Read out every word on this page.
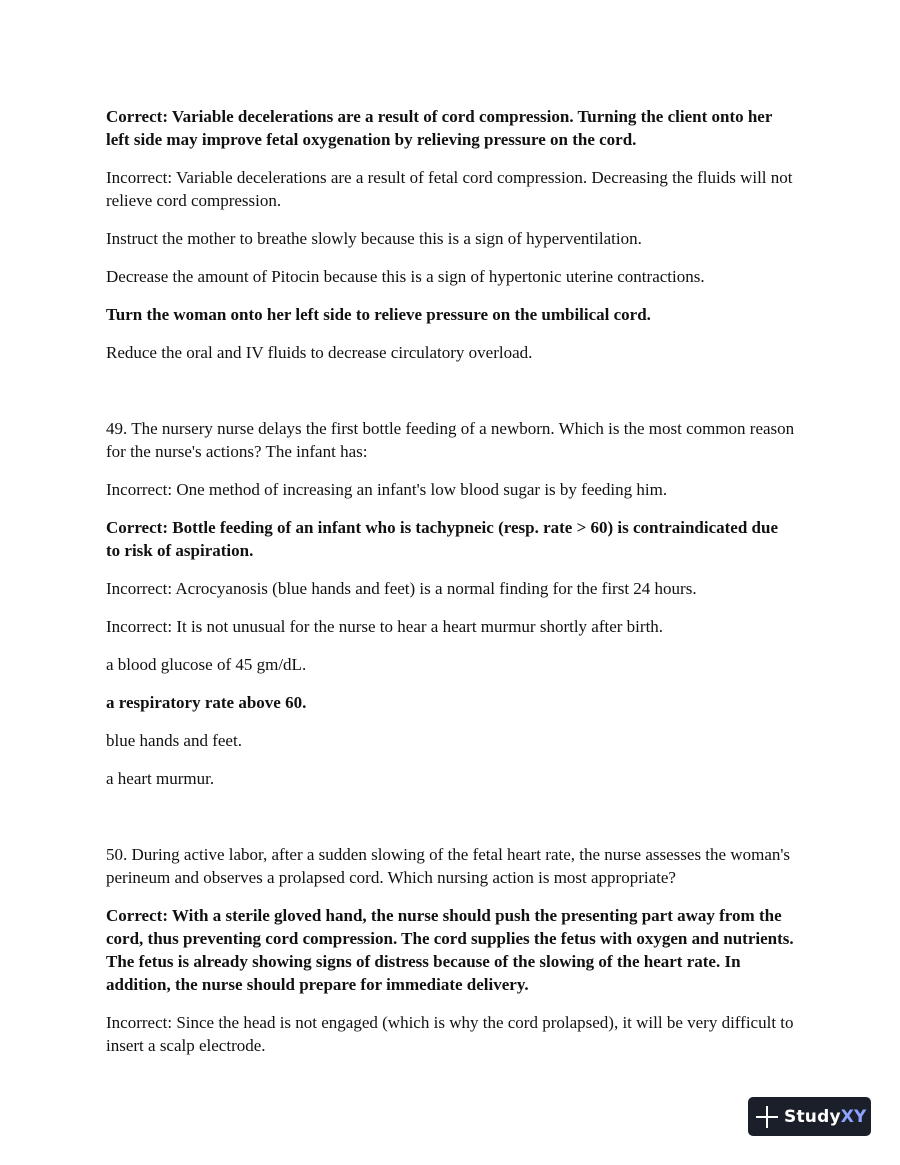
Correct: Variable decelerations are a result of cord compression. Turning the client onto her left side may improve fetal oxygenation by relieving pressure on the cord.

Incorrect: Variable decelerations are a result of fetal cord compression. Decreasing the fluids will not relieve cord compression.

Instruct the mother to breathe slowly because this is a sign of hyperventilation.

Decrease the amount of Pitocin because this is a sign of hypertonic uterine contractions.

Turn the woman onto her left side to relieve pressure on the umbilical cord.

Reduce the oral and IV fluids to decrease circulatory overload.

49. The nursery nurse delays the first bottle feeding of a newborn. Which is the most common reason for the nurse's actions? The infant has:

Incorrect: One method of increasing an infant's low blood sugar is by feeding him.

Correct: Bottle feeding of an infant who is tachypneic (resp. rate > 60) is contraindicated due to risk of aspiration.

Incorrect: Acrocyanosis (blue hands and feet) is a normal finding for the first 24 hours.

Incorrect: It is not unusual for the nurse to hear a heart murmur shortly after birth.

a blood glucose of 45 gm/dL.

a respiratory rate above 60.

blue hands and feet.

a heart murmur.

50. During active labor, after a sudden slowing of the fetal heart rate, the nurse assesses the woman's perineum and observes a prolapsed cord. Which nursing action is most appropriate?

Correct: With a sterile gloved hand, the nurse should push the presenting part away from the cord, thus preventing cord compression. The cord supplies the fetus with oxygen and nutrients. The fetus is already showing signs of distress because of the slowing of the heart rate. In addition, the nurse should prepare for immediate delivery.

Incorrect: Since the head is not engaged (which is why the cord prolapsed), it will be very difficult to insert a scalp electrode.

StudyXY
